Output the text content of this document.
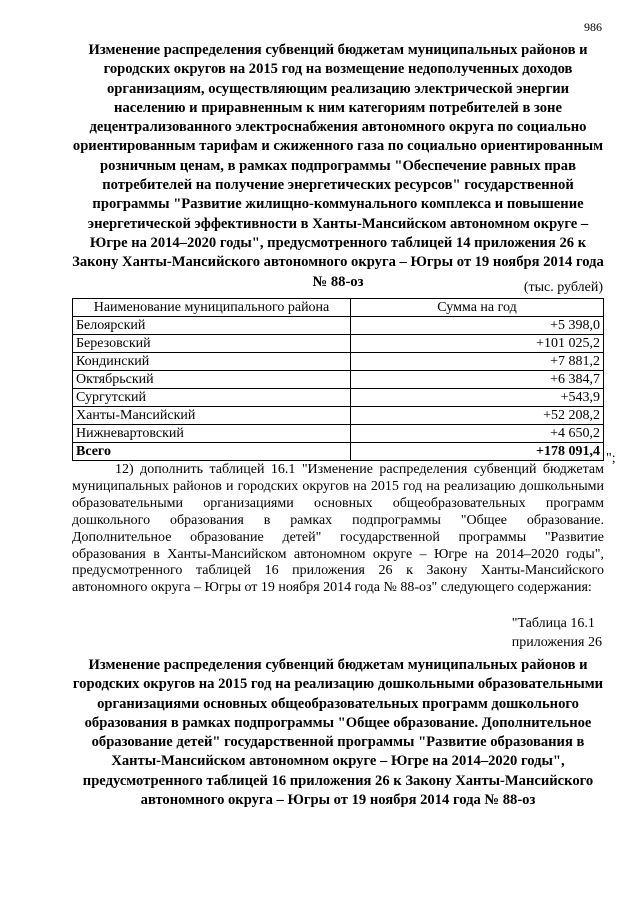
986

Изменение распределения субвенций бюджетам муниципальных районов и городских округов на 2015 год на возмещение недополученных доходов организациям, осуществляющим реализацию электрической энергии населению и приравненным к ним категориям потребителей в зоне децентрализованного электроснабжения автономного округа по социально ориентированным тарифам и сжиженного газа по социально ориентированным розничным ценам, в рамках подпрограммы "Обеспечение равных прав потребителей на получение энергетических ресурсов" государственной программы "Развитие жилищно-коммунального комплекса и повышение энергетической эффективности в Ханты-Мансийском автономном округе – Югре на 2014–2020 годы", предусмотренного таблицей 14 приложения 26 к Закону Ханты-Мансийского автономного округа – Югры от 19 ноября 2014 года № 88-оз	(тыс. рублей)
Наименование муниципального района	Сумма на год
Белоярский	+5 398,0
Березовский	+101 025,2
Кондинский	+7 881,2
Октябрьский	+6 384,7
Сургутский	+543,9
Ханты-Мансийский	+52 208,2
Нижневартовский	+4 650,2
Всего	+178 091,4 ";

12) дополнить таблицей 16.1 "Изменение распределения субвенций бюджетам муниципальных районов и городских округов на 2015 год на реализацию дошкольными образовательными организациями основных общеобразовательных программ дошкольного образования в рамках подпрограммы "Общее образование. Дополнительное образование детей" государственной программы "Развитие образования в Ханты-Мансийском автономном округе – Югре на 2014–2020 годы", предусмотренного таблицей 16 приложения 26 к Закону Ханты-Мансийского автономного округа – Югры от 19 ноября 2014 года № 88-оз" следующего содержания:

"Таблица 16.1
приложения 26

Изменение распределения субвенций бюджетам муниципальных районов и городских округов на 2015 год на реализацию дошкольными образовательными организациями основных общеобразовательных программ дошкольного образования в рамках подпрограммы "Общее образование. Дополнительное образование детей" государственной программы "Развитие образования в Ханты-Мансийском автономном округе – Югре на 2014–2020 годы", предусмотренного таблицей 16 приложения 26 к Закону Ханты-Мансийского автономного округа – Югры от 19 ноября 2014 года № 88-оз
